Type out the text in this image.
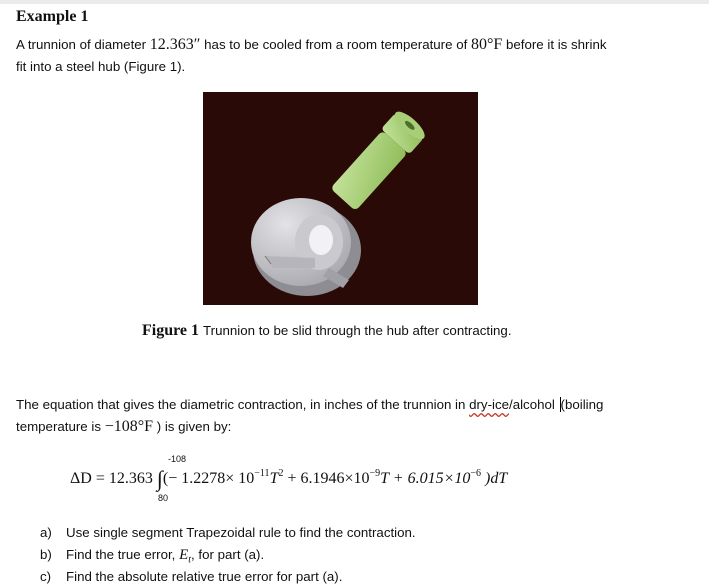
Example 1
A trunnion of diameter 12.363″ has to be cooled from a room temperature of 80°F before it is shrink
fit into a steel hub (Figure 1).
Figure 1 Trunnion to be slid through the hub after contracting.
The equation that gives the diametric contraction, in inches of the trunnion in dry-ice/alcohol (boiling
temperature is −108°F ) is given by:
-108
80
ΔD = 12.363 ∫(− $1.2278\times 10^{-11}T^2 + 6.1946\times 10^{-9}T + 6.015\times 10^{-6}$ )dT
a) Use single segment Trapezoidal rule to find the contraction.
b) Find the true error, $E_t$, for part (a).
c) Find the absolute relative true error for part (a).
